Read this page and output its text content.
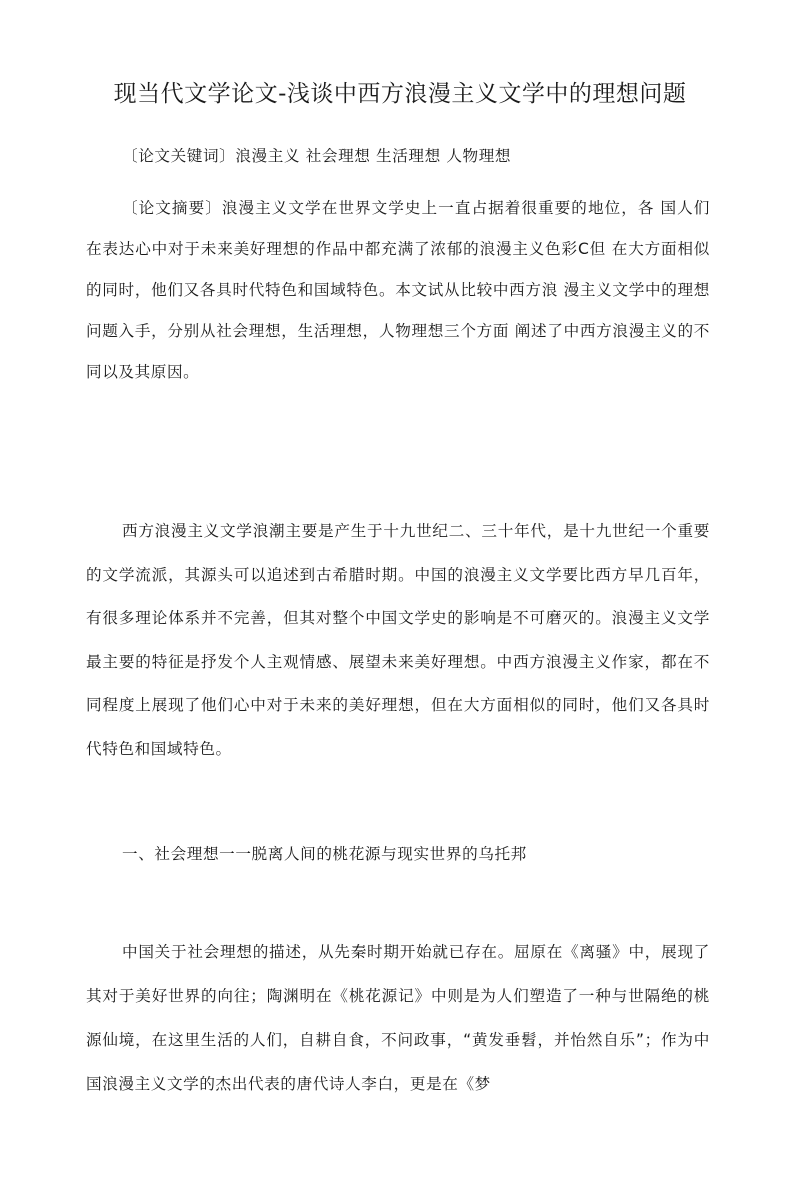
现当代文学论文-浅谈中西方浪漫主义文学中的理想问题
〔论文关键词〕浪漫主义 社会理想 生活理想 人物理想
〔论文摘要〕浪漫主义文学在世界文学史上一直占据着很重要的地位，各 国人们在表达心中对于未来美好理想的作品中都充满了浓郁的浪漫主义色彩C但 在大方面相似的同时，他们又各具时代特色和国域特色。本文试从比较中西方浪 漫主义文学中的理想问题入手，分别从社会理想，生活理想，人物理想三个方面 阐述了中西方浪漫主义的不同以及其原因。
西方浪漫主义文学浪潮主要是产生于十九世纪二、三十年代，是十九世纪一个重要的文学流派，其源头可以追述到古希腊时期。中国的浪漫主义文学要比西方早几百年，有很多理论体系并不完善，但其对整个中国文学史的影响是不可磨灭的。浪漫主义文学最主要的特征是抒发个人主观情感、展望未来美好理想。中西方浪漫主义作家，都在不同程度上展现了他们心中对于未来的美好理想，但在大方面相似的同时，他们又各具时代特色和国域特色。
一、社会理想一一脱离人间的桃花源与现实世界的乌托邦
中国关于社会理想的描述，从先秦时期开始就已存在。屈原在《离骚》中，展现了其对于美好世界的向往；陶渊明在《桃花源记》中则是为人们塑造了一种与世隔绝的桃源仙境，在这里生活的人们，自耕自食，不问政事，“黄发垂髫，并怡然自乐”；作为中国浪漫主义文学的杰出代表的唐代诗人李白，更是在《梦
